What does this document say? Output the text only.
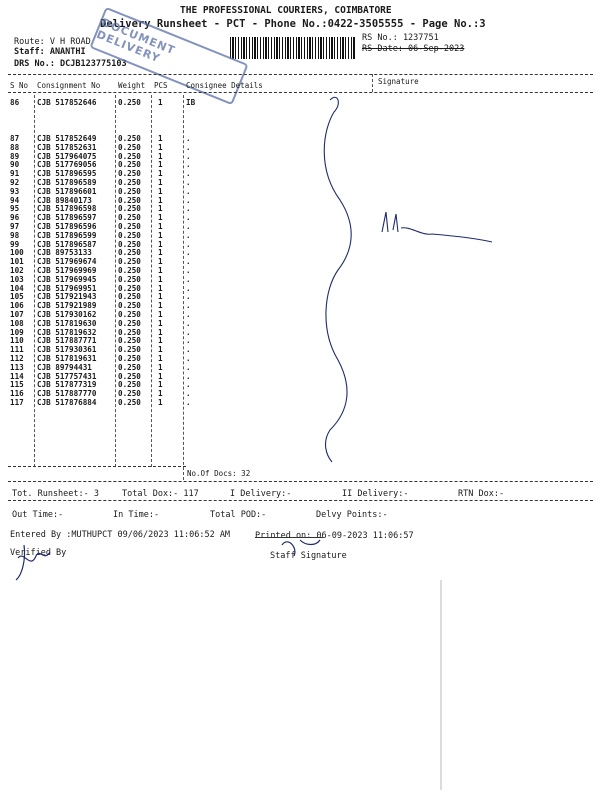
THE PROFESSIONAL COURIERS, COIMBATORE
Delivery Runsheet - PCT - Phone No.:0422-3505555 - Page No.:3
Route: V H ROAD
Staff: ANANTHI
DRS No.: DCJB123775103
RS No.: 1237751
RS Date: 06-Sep-2023
DOCUMENT DELIVERY
S No Consignment No Weight PCS Consignee Details	Signature
86 CJB 517852646	0.250 1	IB
87 CJB 517852649	0.250 1	.
88 CJB 517852631	0.250 1	.
89 CJB 517964075	0.250 1	.
90 CJB 517769056	0.250 1	.
91 CJB 517896595	0.250 1	.
92 CJB 517896589	0.250 1	.
93 CJB 517896601	0.250 1	.
94 CJB 89840173	0.250 1	.
95 CJB 517896598	0.250 1	.
96 CJB 517896597	0.250 1	.
97 CJB 517896596	0.250 1	.
98 CJB 517896599	0.250 1	.
99 CJB 517896587	0.250 1	.
100 CJB 89753133	0.250 1	.
101 CJB 517969674	0.250 1	.
102 CJB 517969969	0.250 1	.
103 CJB 517969945	0.250 1	.
104 CJB 517969951	0.250 1	.
105 CJB 517921943	0.250 1	.
106 CJB 517921989	0.250 1	.
107 CJB 517930162	0.250 1	.
108 CJB 517819630	0.250 1	.
109 CJB 517819632	0.250 1	.
110 CJB 517887771	0.250 1	.
111 CJB 517930361	0.250 1	.
112 CJB 517819631	0.250 1	.
113 CJB 89794431	0.250 1	.
114 CJB 517757431	0.250 1	.
115 CJB 517877319	0.250 1	.
116 CJB 517887770	0.250 1	.
117 CJB 517876884	0.250 1	.
No.Of Docs: 32
Tot. Runsheet:- 3	Total Dox:- 117	I Delivery:-	II Delivery:-	RTN Dox:-
Out Time:-	In Time:-	Total POD:-	Delvy Points:-
Entered By :MUTHUPCT 09/06/2023 11:06:52 AM	Printed on: 06-09-2023 11:06:57
Verified By	Staff Signature
